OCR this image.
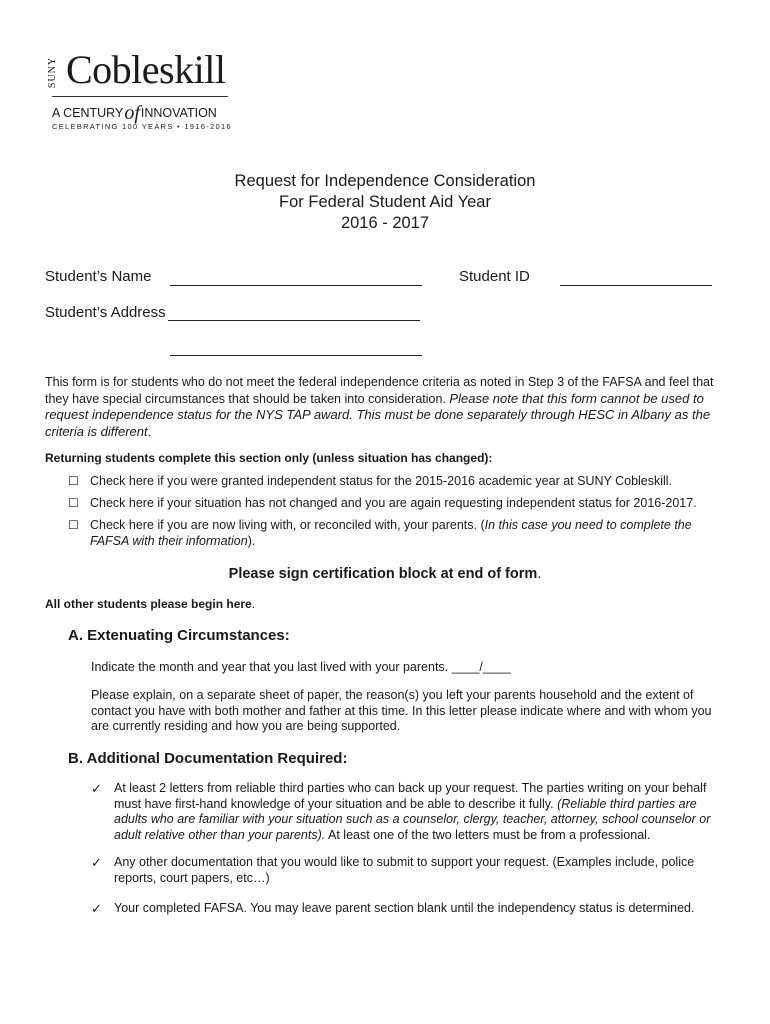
SUNY Cobleskill
A CENTURYofINNOVATION
CELEBRATING 100 YEARS • 1916-2016
Request for Independence Consideration
For Federal Student Aid Year
2016 - 2017
Student’s Name	Student ID
Student’s Address
This form is for students who do not meet the federal independence criteria as noted in Step 3 of the FAFSA and feel that they have special circumstances that should be taken into consideration. Please note that this form cannot be used to request independence status for the NYS TAP award. This must be done separately through HESC in Albany as the criteria is different.
Returning students complete this section only (unless situation has changed):
☐ Check here if you were granted independent status for the 2015-2016 academic year at SUNY Cobleskill.
☐ Check here if your situation has not changed and you are again requesting independent status for 2016-2017.
☐ Check here if you are now living with, or reconciled with, your parents. (In this case you need to complete the FAFSA with their information).
Please sign certification block at end of form.
All other students please begin here.
A. Extenuating Circumstances:
Indicate the month and year that you last lived with your parents. ____/____
Please explain, on a separate sheet of paper, the reason(s) you left your parents household and the extent of contact you have with both mother and father at this time. In this letter please indicate where and with whom you are currently residing and how you are being supported.
B. Additional Documentation Required:
✓ At least 2 letters from reliable third parties who can back up your request. The parties writing on your behalf must have first-hand knowledge of your situation and be able to describe it fully. (Reliable third parties are adults who are familiar with your situation such as a counselor, clergy, teacher, attorney, school counselor or adult relative other than your parents). At least one of the two letters must be from a professional.
✓ Any other documentation that you would like to submit to support your request. (Examples include, police reports, court papers, etc…)
✓ Your completed FAFSA. You may leave parent section blank until the independency status is determined.
